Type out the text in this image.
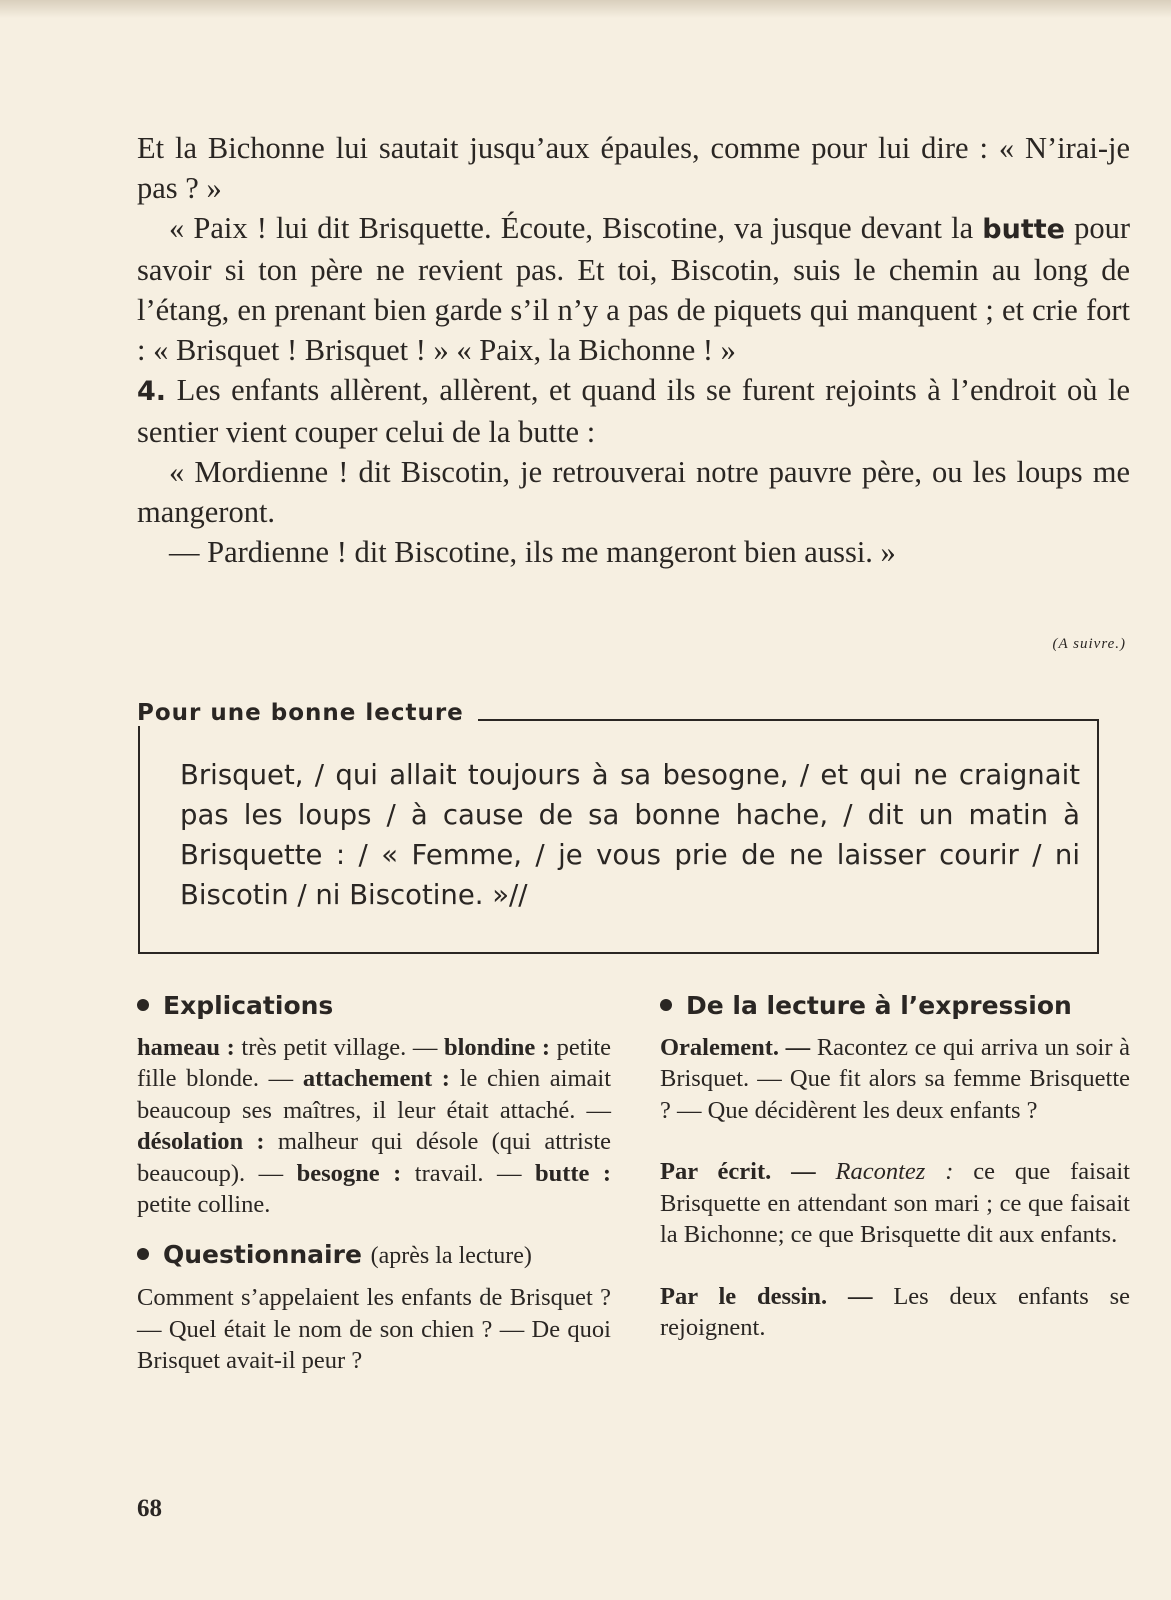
Et la Bichonne lui sautait jusqu’aux épaules, comme pour lui dire : « N’irai-je pas ? »

« Paix ! lui dit Brisquette. Écoute, Biscotine, va jusque devant la butte pour savoir si ton père ne revient pas. Et toi, Biscotin, suis le chemin au long de l’étang, en prenant bien garde s’il n’y a pas de piquets qui manquent ; et crie fort : « Brisquet ! Brisquet ! » « Paix, la Bichonne ! »

4. Les enfants allèrent, allèrent, et quand ils se furent rejoints à l’endroit où le sentier vient couper celui de la butte :

« Mordienne ! dit Biscotin, je retrouverai notre pauvre père, ou les loups me mangeront.

— Pardienne ! dit Biscotine, ils me mangeront bien aussi. »

(A suivre.)
Pour une bonne lecture
Brisquet, / qui allait toujours à sa besogne, / et qui ne craignait pas les loups / à cause de sa bonne hache, / dit un matin à Brisquette : / « Femme, / je vous prie de ne laisser courir / ni Biscotin / ni Biscotine. »//
Explications

hameau : très petit village. — blondine : petite fille blonde. — attachement : le chien aimait beaucoup ses maîtres, il leur était attaché. — désolation : malheur qui désole (qui attriste beaucoup). — besogne : travail. — butte : petite colline.

Questionnaire (après la lecture)

Comment s’appelaient les enfants de Brisquet ? — Quel était le nom de son chien ? — De quoi Brisquet avait-il peur ?

De la lecture à l’expression

Oralement. — Racontez ce qui arriva un soir à Brisquet. — Que fit alors sa femme Brisquette ? — Que décidèrent les deux enfants ?

Par écrit. — Racontez : ce que faisait Brisquette en attendant son mari ; ce que faisait la Bichonne; ce que Brisquette dit aux enfants.

Par le dessin. — Les deux enfants se rejoignent.

68
